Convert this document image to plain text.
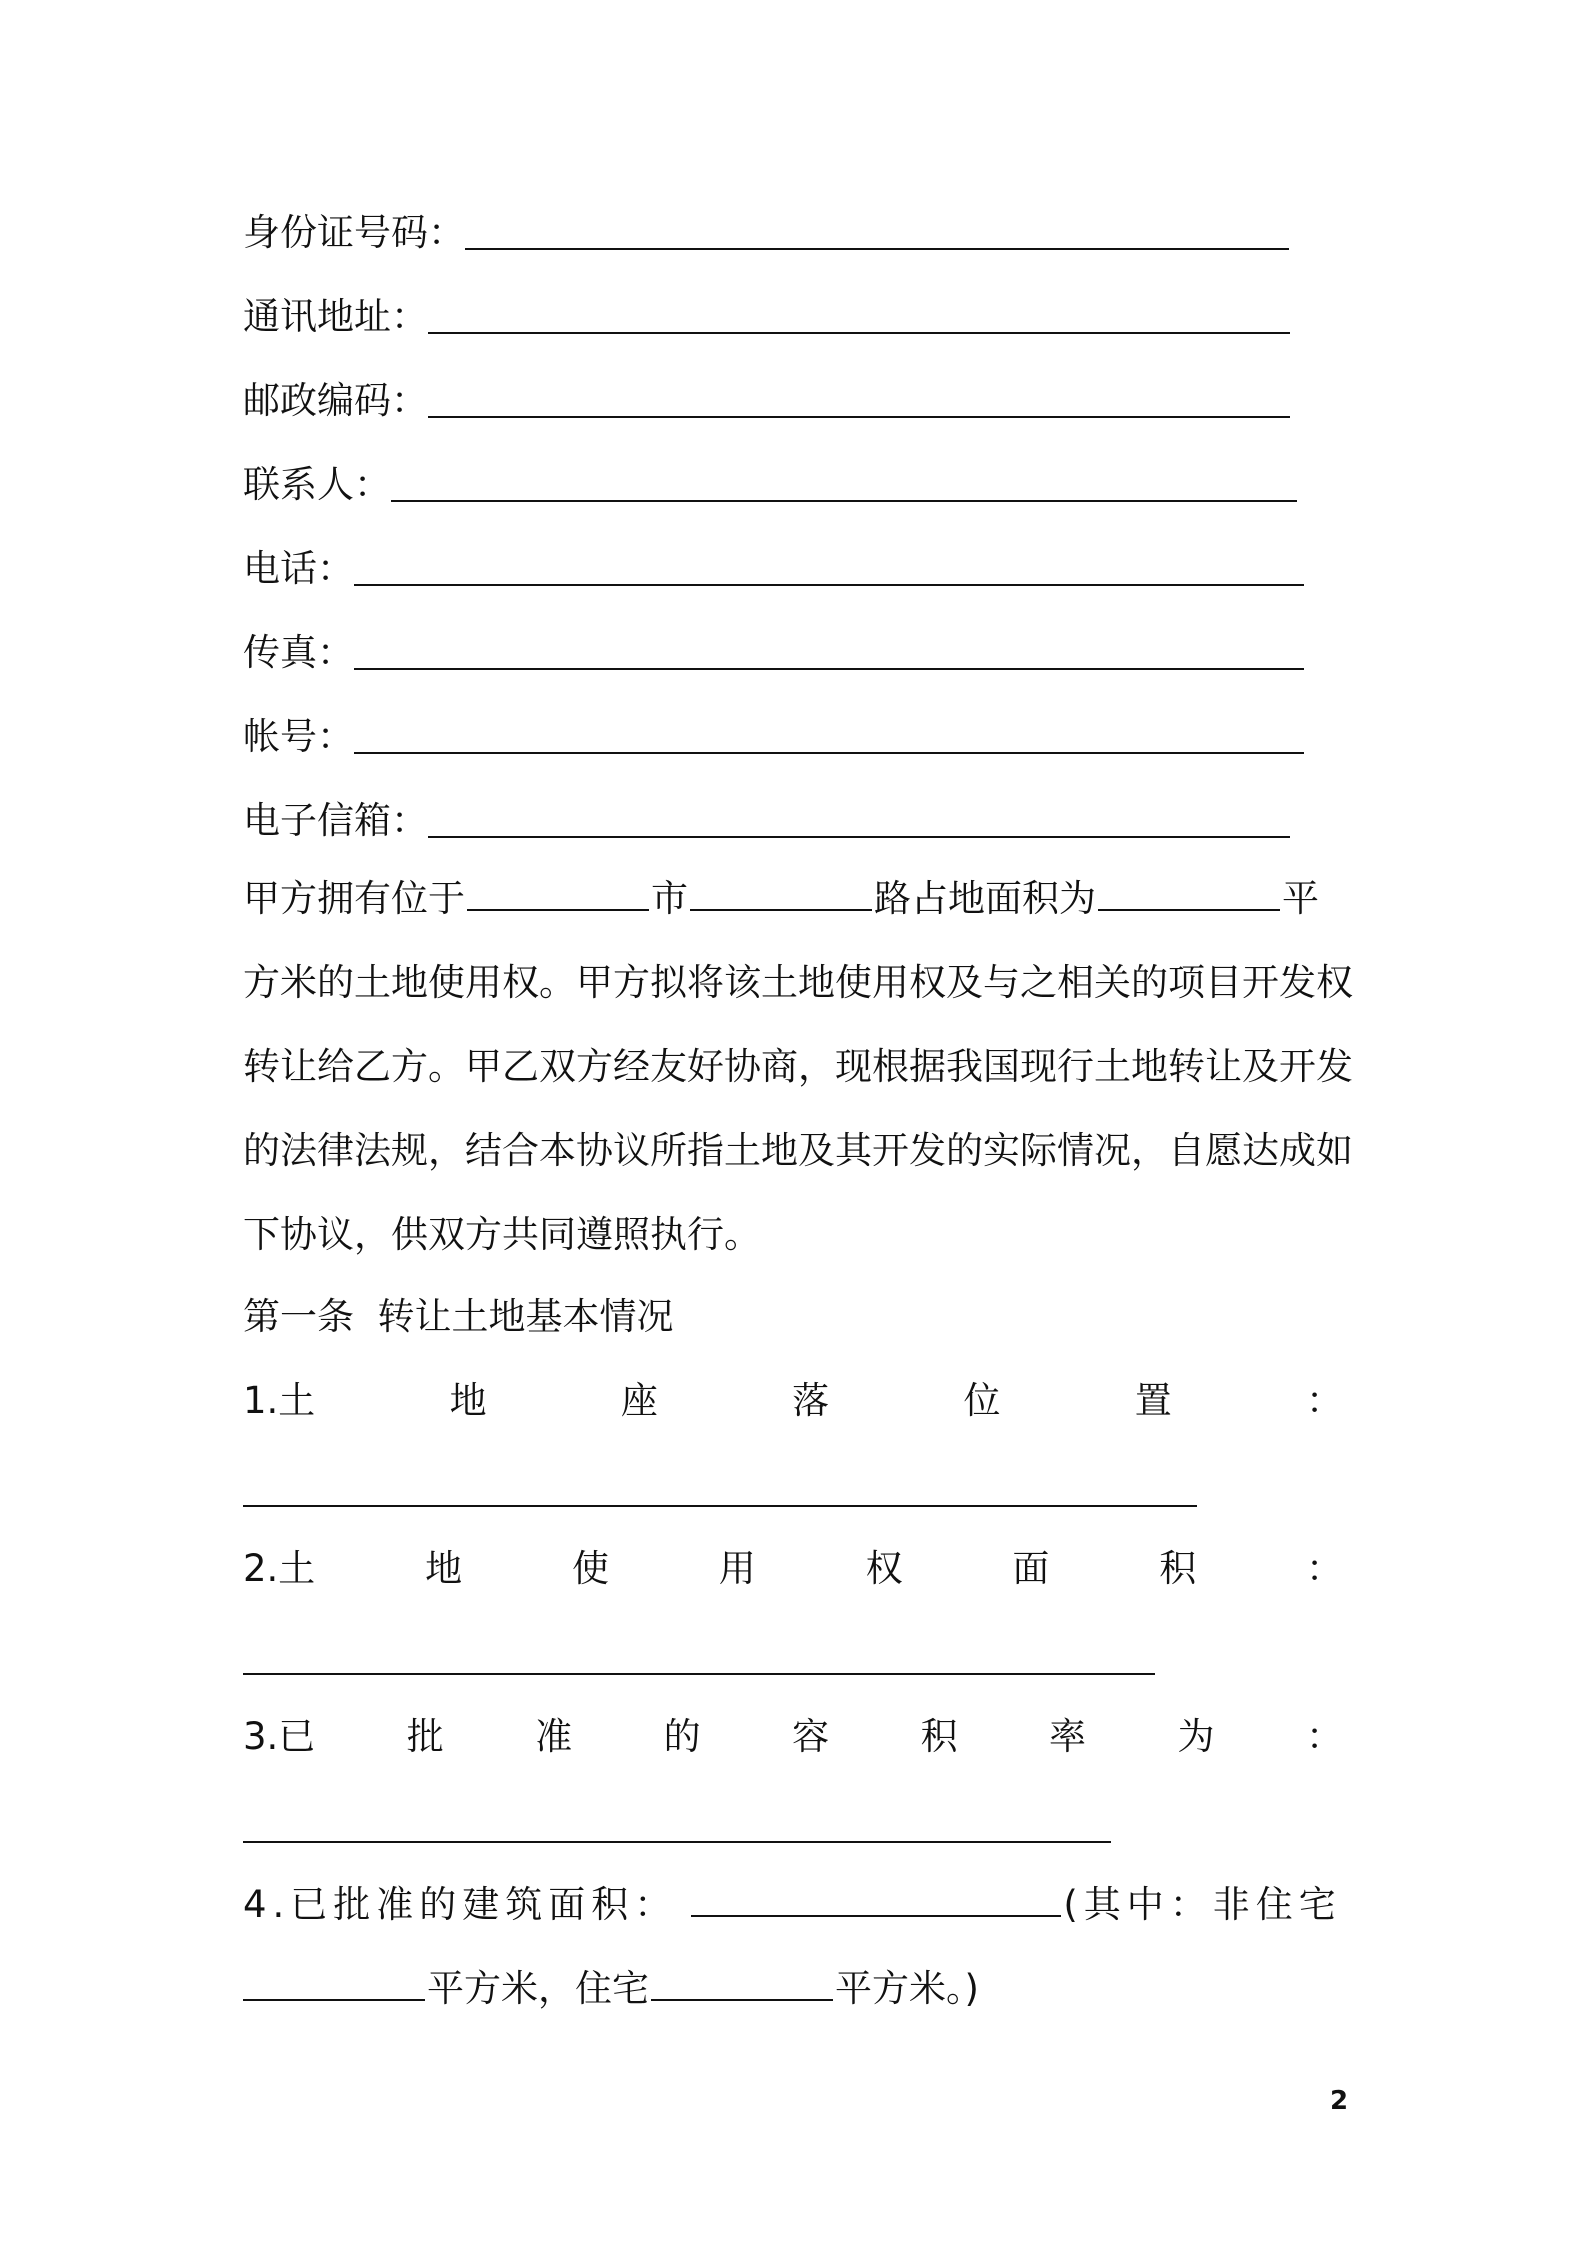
身份证号码：
通讯地址：
邮政编码：
联系人：
电话：
传真：
帐号：
电子信箱：
甲方拥有位于	市	路占地面积为	平
方米的土地使用权。甲方拟将该土地使用权及与之相关的项目开发权
转让给乙方。甲乙双方经友好协商，现根据我国现行土地转让及开发
的法律法规，结合本协议所指土地及其开发的实际情况，自愿达成如
下协议，供双方共同遵照执行。
第一条  转让土地基本情况
1.土	地	座	落	位	置	：
2.土	地	使	用	权	面	积	：
3.已 批 准 的 容 积 率 为 ：
4.已批准的建筑面积：	(其中：非住宅
平方米，住宅	平方米。)
2
